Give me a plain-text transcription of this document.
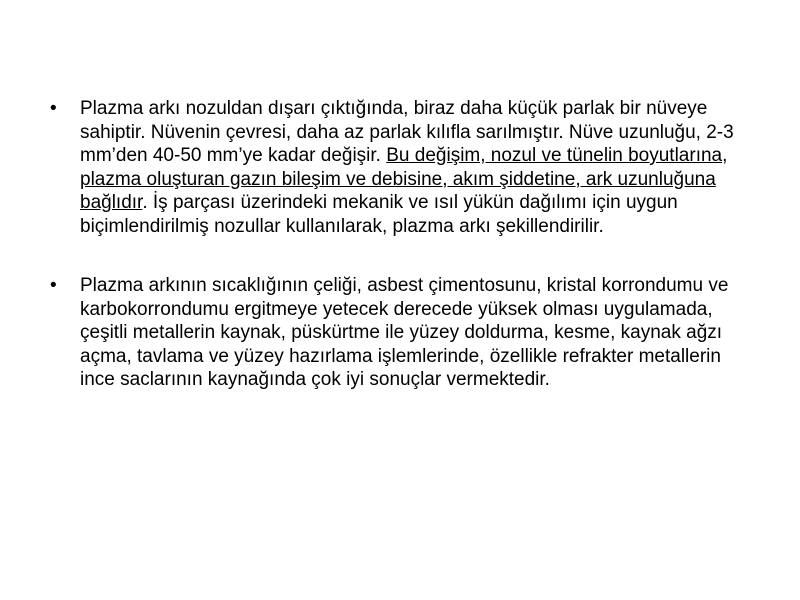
• Plazma arkı nozuldan dışarı çıktığında, biraz daha küçük parlak bir nüveye sahiptir. Nüvenin çevresi, daha az parlak kılıfla sarılmıştır. Nüve uzunluğu, 2-3 mm’den 40-50 mm’ye kadar değişir. Bu değişim, nozul ve tünelin boyutlarına, plazma oluşturan gazın bileşim ve debisine, akım şiddetine, ark uzunluğuna bağlıdır. İş parçası üzerindeki mekanik ve ısıl yükün dağılımı için uygun biçimlendirilmiş nozullar kullanılarak, plazma arkı şekillendirilir.
• Plazma arkının sıcaklığının çeliği, asbest çimentosunu, kristal korrondumu ve karbokorrondumu ergitmeye yetecek derecede yüksek olması uygulamada, çeşitli metallerin kaynak, püskürtme ile yüzey doldurma, kesme, kaynak ağzı açma, tavlama ve yüzey hazırlama işlemlerinde, özellikle refrakter metallerin ince saclarının kaynağında çok iyi sonuçlar vermektedir.
